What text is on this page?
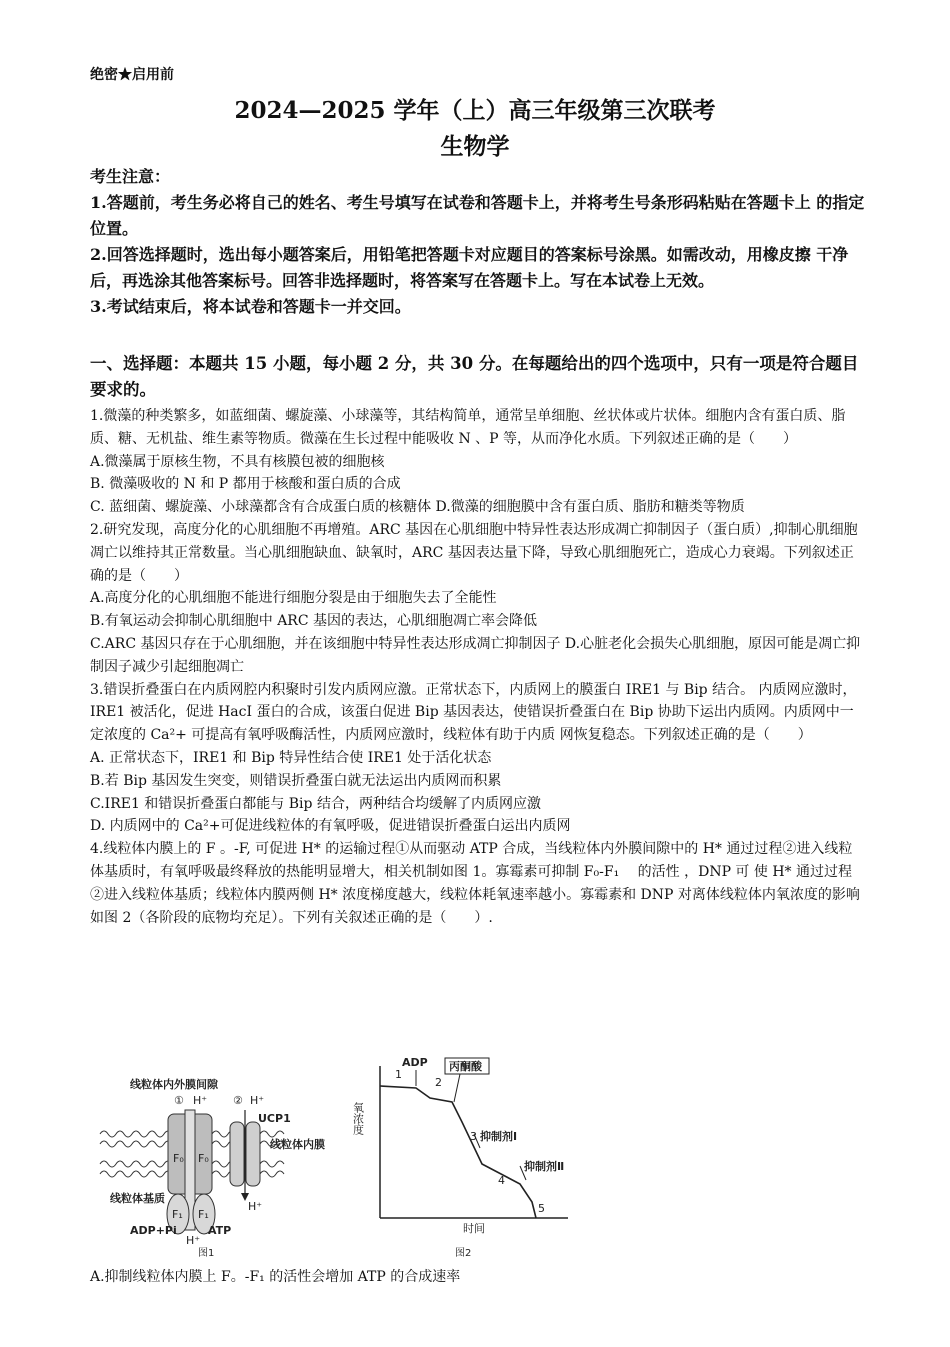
绝密★启用前
2024—2025 学年（上）高三年级第三次联考
生物学

考生注意：

1.答题前，考生务必将自己的姓名、考生号填写在试卷和答题卡上，并将考生号条形码粘贴在答题卡上 的指定位置。

2.回答选择题时，选出每小题答案后，用铅笔把答题卡对应题目的答案标号涂黑。如需改动，用橡皮擦 干净后，再选涂其他答案标号。回答非选择题时，将答案写在答题卡上。写在本试卷上无效。

3.考试结束后，将本试卷和答题卡一并交回。

一、选择题：本题共 15 小题，每小题 2 分，共 30 分。在每题给出的四个选项中，只有一项是符合题目要求的。

1.微藻的种类繁多，如蓝细菌、螺旋藻、小球藻等，其结构简单，通常呈单细胞、丝状体或片状体。细胞内含有蛋白质、脂质、糖、无机盐、维生素等物质。微藻在生长过程中能吸收 N 、P 等，从而净化水质。下列叙述正确的是（　　）

A.微藻属于原核生物，不具有核膜包被的细胞核

B. 微藻吸收的 N 和 P 都用于核酸和蛋白质的合成

C. 蓝细菌、螺旋藻、小球藻都含有合成蛋白质的核糖体 D.微藻的细胞膜中含有蛋白质、脂肪和糖类等物质

2.研究发现，高度分化的心肌细胞不再增殖。ARC 基因在心肌细胞中特异性表达形成凋亡抑制因子（蛋白质）,抑制心肌细胞凋亡以维持其正常数量。当心肌细胞缺血、缺氧时，ARC 基因表达量下降，导致心肌细胞死亡，造成心力衰竭。下列叙述正确的是（　　）

A.高度分化的心肌细胞不能进行细胞分裂是由于细胞失去了全能性

B.有氧运动会抑制心肌细胞中 ARC 基因的表达，心肌细胞凋亡率会降低

C.ARC 基因只存在于心肌细胞，并在该细胞中特异性表达形成凋亡抑制因子 D.心脏老化会损失心肌细胞，原因可能是凋亡抑制因子减少引起细胞凋亡

3.错误折叠蛋白在内质网腔内积聚时引发内质网应激。正常状态下，内质网上的膜蛋白 IRE1 与 Bip 结合。 内质网应激时，IRE1 被活化，促进 HacI 蛋白的合成，该蛋白促进 Bip 基因表达，使错误折叠蛋白在 Bip 协助下运出内质网。内质网中一定浓度的 Ca²+ 可提高有氧呼吸酶活性，内质网应激时，线粒体有助于内质 网恢复稳态。下列叙述正确的是（　　）

A. 正常状态下，IRE1 和 Bip 特异性结合使 IRE1 处于活化状态

B.若 Bip 基因发生突变，则错误折叠蛋白就无法运出内质网而积累

C.IRE1 和错误折叠蛋白都能与 Bip 结合，两种结合均缓解了内质网应激

D. 内质网中的 Ca²+可促进线粒体的有氧呼吸，促进错误折叠蛋白运出内质网

4.线粒体内膜上的 F 。-F, 可促进 H* 的运输过程①从而驱动 ATP 合成，当线粒体内外膜间隙中的 H* 通过过程②进入线粒体基质时，有氧呼吸最终释放的热能明显增大，相关机制如图 1。寡霉素可抑制 F₀-F₁ 　的活性 ，DNP 可 使 H* 通过过程②进入线粒体基质；线粒体内膜两侧 H* 浓度梯度越大，线粒体耗氧速率越小。寡霉素和 DNP 对离体线粒体内氧浓度的影响如图 2（各阶段的底物均充足）。下列有关叙述正确的是（　　）.

线粒体内外膜间隙
① H⁺ ② H⁺
UCP1
F₀ F₀
F₁ F₁
H⁺
线粒体内膜
线粒体基质
H⁺
ADP+Pi	ATP
图1
氧浓度
时间
图2
ADP 丙酮酸
抑制剂Ⅰ
抑制剂Ⅱ
1
2
3
4
5
A.抑制线粒体内膜上 F。-F₁ 的活性会增加 ATP 的合成速率
